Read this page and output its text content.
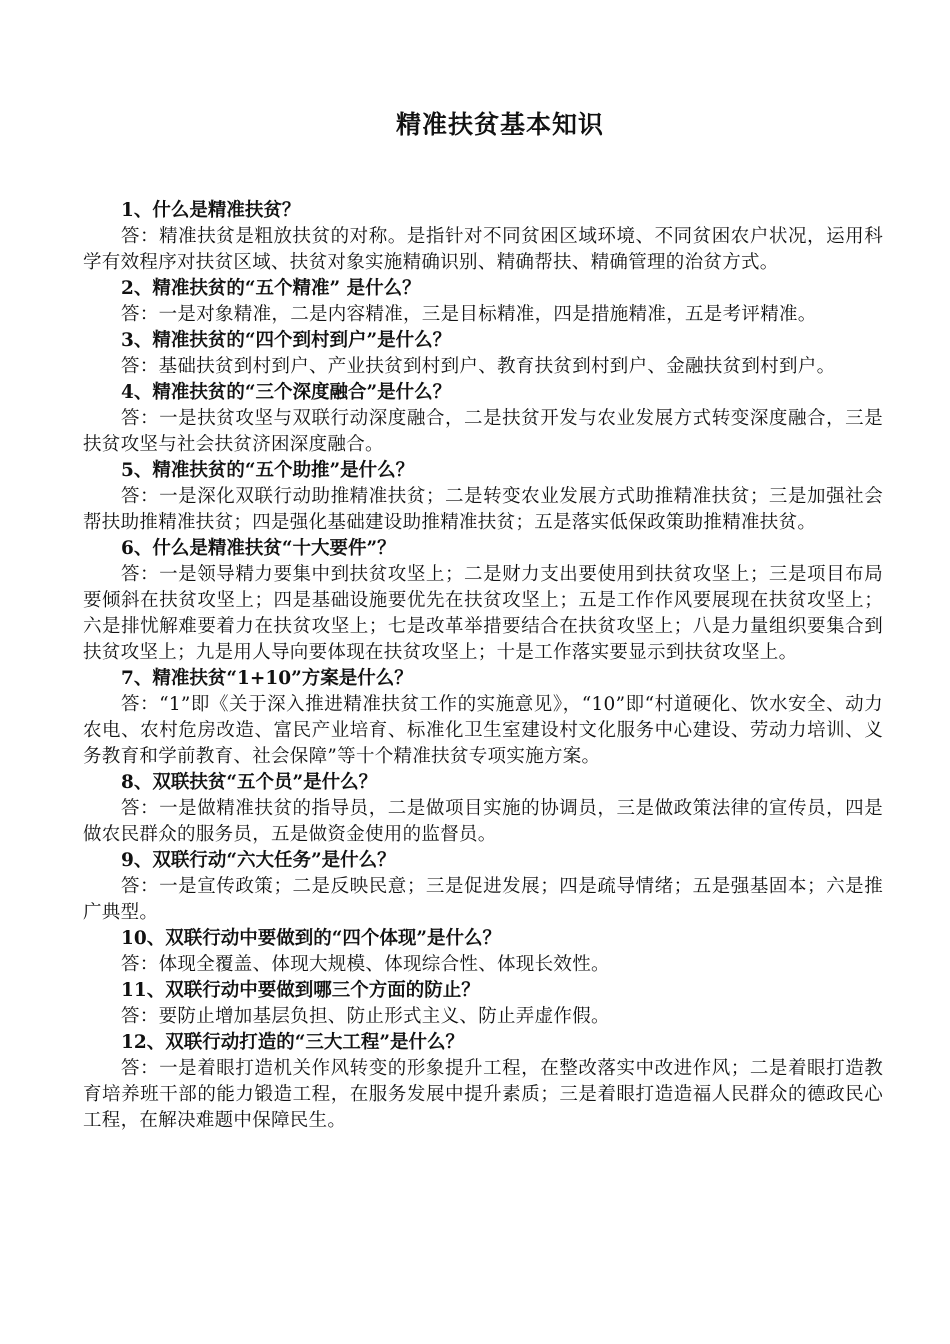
精准扶贫基本知识

1、什么是精准扶贫？

答：精准扶贫是粗放扶贫的对称。是指针对不同贫困区域环境、不同贫困农户状况，运用科学有效程序对扶贫区域、扶贫对象实施精确识别、精确帮扶、精确管理的治贫方式。

2、精准扶贫的“五个精准” 是什么？

答：一是对象精准，二是内容精准，三是目标精准，四是措施精准，五是考评精准。

3、精准扶贫的“四个到村到户”是什么？

答：基础扶贫到村到户、产业扶贫到村到户、教育扶贫到村到户、金融扶贫到村到户。

4、精准扶贫的“三个深度融合”是什么？

答：一是扶贫攻坚与双联行动深度融合，二是扶贫开发与农业发展方式转变深度融合，三是扶贫攻坚与社会扶贫济困深度融合。

5、精准扶贫的“五个助推”是什么？

答：一是深化双联行动助推精准扶贫；二是转变农业发展方式助推精准扶贫；三是加强社会帮扶助推精准扶贫；四是强化基础建设助推精准扶贫；五是落实低保政策助推精准扶贫。

6、什么是精准扶贫“十大要件”？

答：一是领导精力要集中到扶贫攻坚上；二是财力支出要使用到扶贫攻坚上；三是项目布局要倾斜在扶贫攻坚上；四是基础设施要优先在扶贫攻坚上；五是工作作风要展现在扶贫攻坚上；六是排忧解难要着力在扶贫攻坚上；七是改革举措要结合在扶贫攻坚上；八是力量组织要集合到扶贫攻坚上；九是用人导向要体现在扶贫攻坚上；十是工作落实要显示到扶贫攻坚上。

7、精准扶贫“1+10”方案是什么？

答：“1”即《关于深入推进精准扶贫工作的实施意见》，“10”即“村道硬化、饮水安全、动力农电、农村危房改造、富民产业培育、标准化卫生室建设村文化服务中心建设、劳动力培训、义务教育和学前教育、社会保障”等十个精准扶贫专项实施方案。

8、双联扶贫“五个员”是什么？

答：一是做精准扶贫的指导员，二是做项目实施的协调员，三是做政策法律的宣传员，四是做农民群众的服务员，五是做资金使用的监督员。

9、双联行动“六大任务”是什么？

答：一是宣传政策；二是反映民意；三是促进发展；四是疏导情绪；五是强基固本；六是推广典型。

10、双联行动中要做到的“四个体现”是什么？

答：体现全覆盖、体现大规模、体现综合性、体现长效性。

11、双联行动中要做到哪三个方面的防止？

答：要防止增加基层负担、防止形式主义、防止弄虚作假。

12、双联行动打造的“三大工程”是什么？

答：一是着眼打造机关作风转变的形象提升工程，在整改落实中改进作风；二是着眼打造教育培养班干部的能力锻造工程，在服务发展中提升素质；三是着眼打造造福人民群众的德政民心工程，在解决难题中保障民生。
